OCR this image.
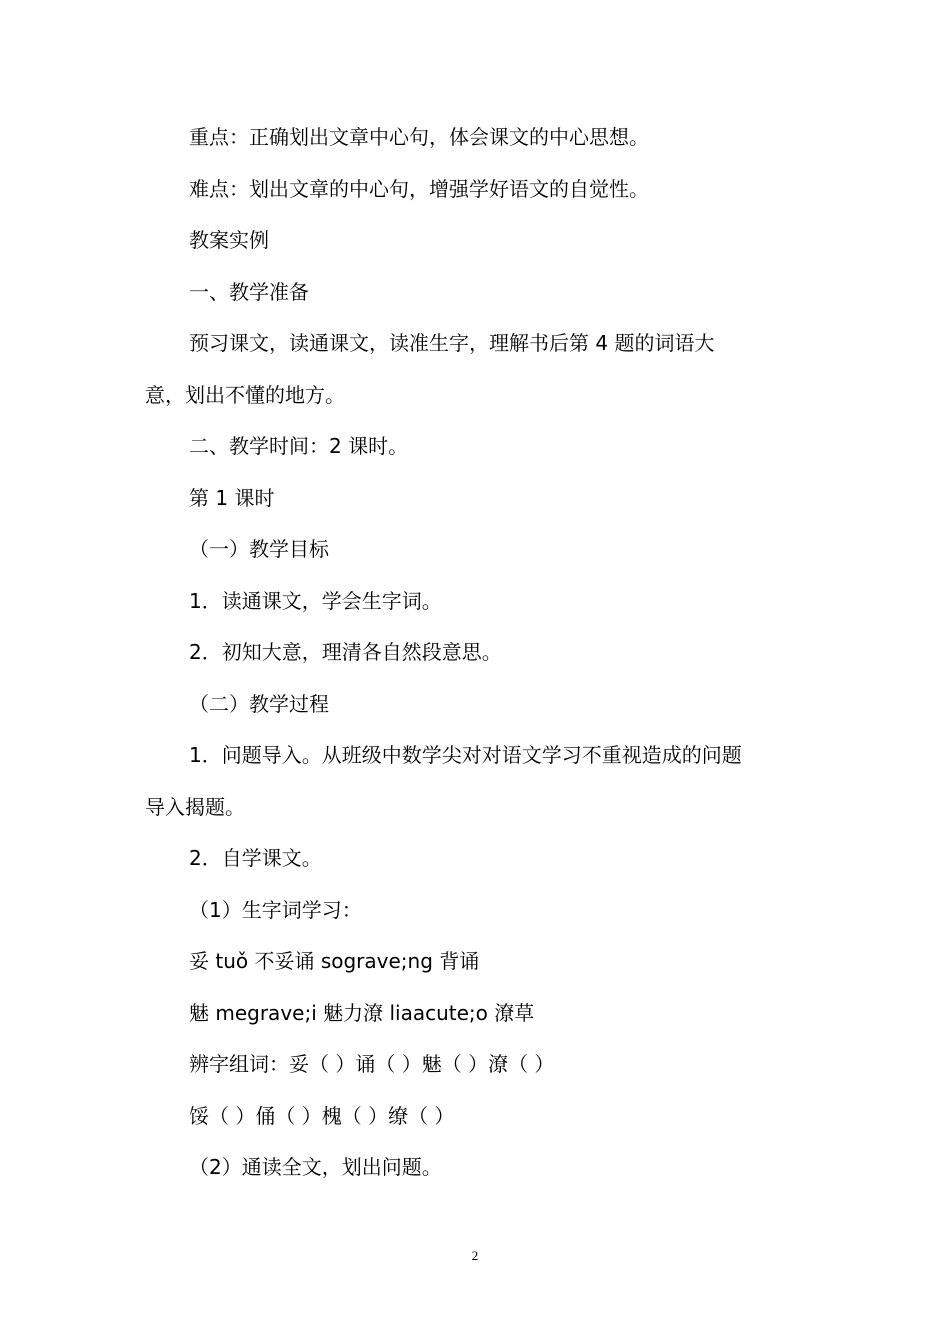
重点：正确划出文章中心句，体会课文的中心思想。
难点：划出文章的中心句，增强学好语文的自觉性。
教案实例
一、教学准备
预习课文，读通课文，读准生字，理解书后第 4 题的词语大
意，划出不懂的地方。
二、教学时间：2 课时。
第 1 课时
（一）教学目标
1．读通课文，学会生字词。
2．初知大意，理清各自然段意思。
（二）教学过程
1．问题导入。从班级中数学尖对对语文学习不重视造成的问题
导入揭题。
2．自学课文。
（1）生字词学习：
妥 tuǒ 不妥诵 sograve;ng 背诵
魅 megrave;i 魅力潦 liaacute;o 潦草
辨字组词：妥（ ）诵（ ）魅（ ）潦（ ）
馁（ ）俑（ ）槐（ ）缭（ ）
（2）通读全文，划出问题。
2
